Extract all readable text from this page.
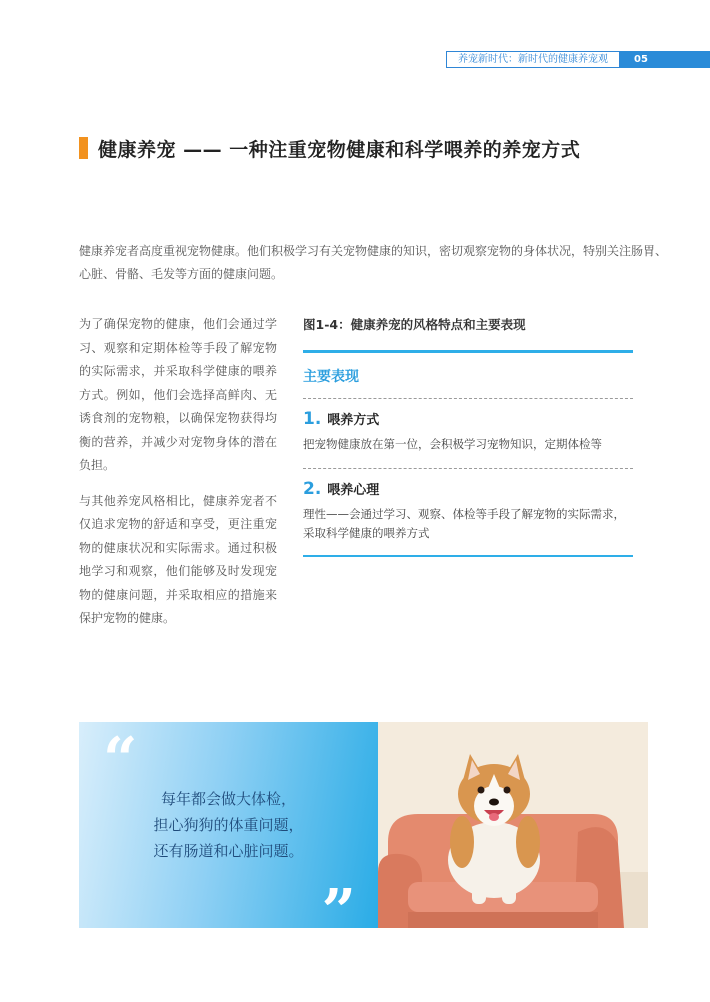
养宠新时代：新时代的健康养宠观	05
健康养宠 —— 一种注重宠物健康和科学喂养的养宠方式
健康养宠者高度重视宠物健康。他们积极学习有关宠物健康的知识，密切观察宠物的身体状况，特别关注肠胃、心脏、骨骼、毛发等方面的健康问题。

为了确保宠物的健康，他们会通过学习、观察和定期体检等手段了解宠物的实际需求，并采取科学健康的喂养方式。例如，他们会选择高鲜肉、无诱食剂的宠物粮，以确保宠物获得均衡的营养，并减少对宠物身体的潜在负担。

与其他养宠风格相比，健康养宠者不仅追求宠物的舒适和享受，更注重宠物的健康状况和实际需求。通过积极地学习和观察，他们能够及时发现宠物的健康问题，并采取相应的措施来保护宠物的健康。

图1-4：健康养宠的风格特点和主要表现
主要表现
1. 喂养方式
把宠物健康放在第一位，会积极学习宠物知识，定期体检等
2. 喂养心理
理性——会通过学习、观察、体检等手段了解宠物的实际需求，采取科学健康的喂养方式
“
每年都会做大体检，
担心狗狗的体重问题，
还有肠道和心脏问题。
”
